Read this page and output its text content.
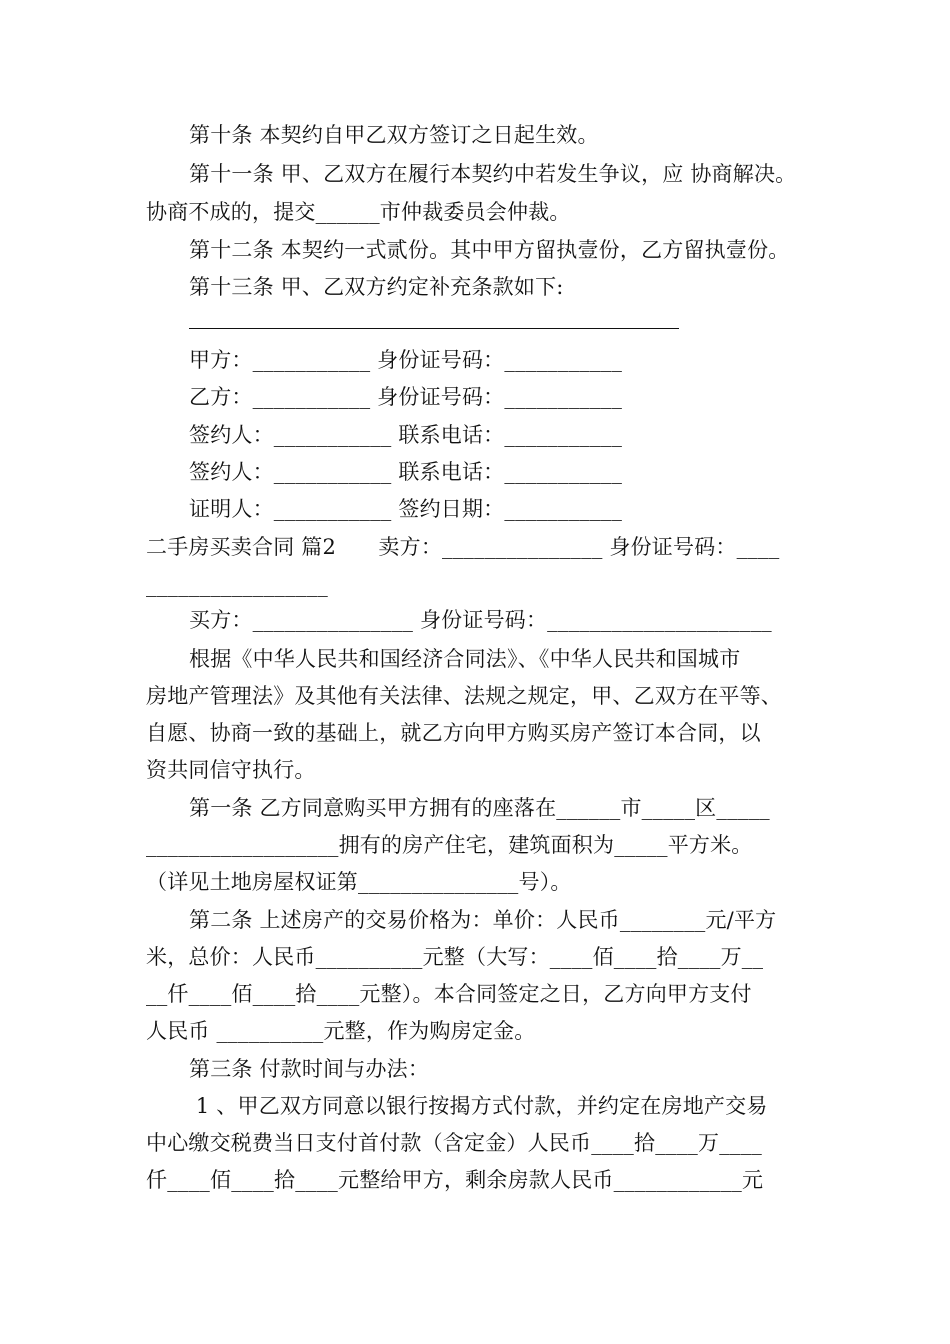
第十条 本契约自甲乙双方签订之日起生效。
第十一条 甲、乙双方在履行本契约中若发生争议，应 协商解决。
协商不成的，提交______市仲裁委员会仲裁。
第十二条 本契约一式贰份。其中甲方留执壹份，乙方留执壹份。
第十三条 甲、乙双方约定补充条款如下:
甲方：___________ 身份证号码：___________
乙方：___________ 身份证号码：___________
签约人：___________ 联系电话：___________
签约人：___________ 联系电话：___________
证明人：___________ 签约日期：___________
二手房买卖合同 篇2　　卖方：_______________ 身份证号码：____
_________________
买方：_______________ 身份证号码：_____________________
根据《中华人民共和国经济合同法》、《中华人民共和国城市
房地产管理法》及其他有关法律、法规之规定，甲、乙双方在平等、
自愿、协商一致的基础上，就乙方向甲方购买房产签订本合同，以
资共同信守执行。
第一条 乙方同意购买甲方拥有的座落在______市_____区_____
__________________拥有的房产住宅，建筑面积为_____平方米。
（详见土地房屋权证第_______________号）。
第二条 上述房产的交易价格为：单价：人民币________元/平方
米，总价：人民币__________元整（大写：____佰____拾____万__
__仟____佰____拾____元整）。本合同签定之日，乙方向甲方支付
人民币 __________元整，作为购房定金。
第三条 付款时间与办法：
1 、甲乙双方同意以银行按揭方式付款，并约定在房地产交易
中心缴交税费当日支付首付款（含定金）人民币____拾____万____
仟____佰____拾____元整给甲方，剩余房款人民币____________元
